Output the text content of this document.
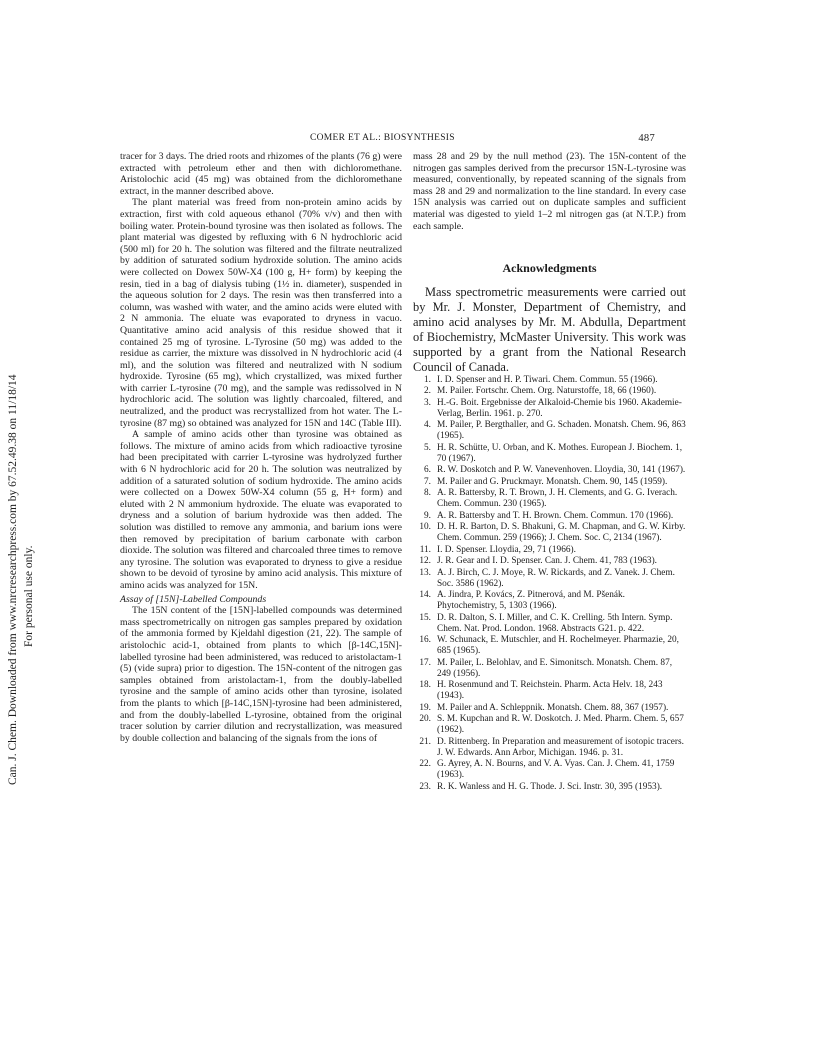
Can. J. Chem. Downloaded from www.nrcresearchpress.com by 67.52.49.38 on 11/18/14 For personal use only.
COMER ET AL.: BIOSYNTHESIS	487

tracer for 3 days. The dried roots and rhizomes of the plants (76 g) were extracted with petroleum ether and then with dichloromethane. Aristolochic acid (45 mg) was obtained from the dichloromethane extract, in the manner described above.

The plant material was freed from non-protein amino acids by extraction, first with cold aqueous ethanol (70% v/v) and then with boiling water. Protein-bound tyrosine was then isolated as follows. The plant material was digested by refluxing with 6 N hydrochloric acid (500 ml) for 20 h. The solution was filtered and the filtrate neutralized by addition of saturated sodium hydroxide solution. The amino acids were collected on Dowex 50W-X4 (100 g, H+ form) by keeping the resin, tied in a bag of dialysis tubing (1½ in. diameter), suspended in the aqueous solution for 2 days. The resin was then transferred into a column, was washed with water, and the amino acids were eluted with 2 N ammonia. The eluate was evaporated to dryness in vacuo. Quantitative amino acid analysis of this residue showed that it contained 25 mg of tyrosine. L-Tyrosine (50 mg) was added to the residue as carrier, the mixture was dissolved in N hydrochloric acid (4 ml), and the solution was filtered and neutralized with N sodium hydroxide. Tyrosine (65 mg), which crystallized, was mixed further with carrier L-tyrosine (70 mg), and the sample was redissolved in N hydrochloric acid. The solution was lightly charcoaled, filtered, and neutralized, and the product was recrystallized from hot water. The L-tyrosine (87 mg) so obtained was analyzed for 15N and 14C (Table III).

A sample of amino acids other than tyrosine was obtained as follows. The mixture of amino acids from which radioactive tyrosine had been precipitated with carrier L-tyrosine was hydrolyzed further with 6 N hydrochloric acid for 20 h. The solution was neutralized by addition of a saturated solution of sodium hydroxide. The amino acids were collected on a Dowex 50W-X4 column (55 g, H+ form) and eluted with 2 N ammonium hydroxide. The eluate was evaporated to dryness and a solution of barium hydroxide was then added. The solution was distilled to remove any ammonia, and barium ions were then removed by precipitation of barium carbonate with carbon dioxide. The solution was filtered and charcoaled three times to remove any tyrosine. The solution was evaporated to dryness to give a residue shown to be devoid of tyrosine by amino acid analysis. This mixture of amino acids was analyzed for 15N.

Assay of [15N]-Labelled Compounds

The 15N content of the [15N]-labelled compounds was determined mass spectrometrically on nitrogen gas samples prepared by oxidation of the ammonia formed by Kjeldahl digestion (21, 22). The sample of aristolochic acid-1, obtained from plants to which [β-14C,15N]-labelled tyrosine had been administered, was reduced to aristolactam-1 (5) (vide supra) prior to digestion. The 15N-content of the nitrogen gas samples obtained from aristolactam-1, from the doubly-labelled tyrosine and the sample of amino acids other than tyrosine, isolated from the plants to which [β-14C,15N]-tyrosine had been administered, and from the doubly-labelled L-tyrosine, obtained from the original tracer solution by carrier dilution and recrystallization, was measured by double collection and balancing of the signals from the ions of

mass 28 and 29 by the null method (23). The 15N-content of the nitrogen gas samples derived from the precursor 15N-L-tyrosine was measured, conventionally, by repeated scanning of the signals from mass 28 and 29 and normalization to the line standard. In every case 15N analysis was carried out on duplicate samples and sufficient material was digested to yield 1–2 ml nitrogen gas (at N.T.P.) from each sample.

Acknowledgments

Mass spectrometric measurements were carried out by Mr. J. Monster, Department of Chemistry, and amino acid analyses by Mr. M. Abdulla, Department of Biochemistry, McMaster University. This work was supported by a grant from the National Research Council of Canada.

1. I. D. Spenser and H. P. Tiwari. Chem. Commun. 55 (1966).
2. M. Pailer. Fortschr. Chem. Org. Naturstoffe, 18, 66 (1960).
3. H.-G. Boit. Ergebnisse der Alkaloid-Chemie bis 1960. Akademie-Verlag, Berlin. 1961. p. 270.
4. M. Pailer, P. Bergthaller, and G. Schaden. Monatsh. Chem. 96, 863 (1965).
5. H. R. Schütte, U. Orban, and K. Mothes. European J. Biochem. 1, 70 (1967).
6. R. W. Doskotch and P. W. Vanevenhoven. Lloydia, 30, 141 (1967).
7. M. Pailer and G. Pruckmayr. Monatsh. Chem. 90, 145 (1959).
8. A. R. Battersby, R. T. Brown, J. H. Clements, and G. G. Iverach. Chem. Commun. 230 (1965).
9. A. R. Battersby and T. H. Brown. Chem. Commun. 170 (1966).
10. D. H. R. Barton, D. S. Bhakuni, G. M. Chapman, and G. W. Kirby. Chem. Commun. 259 (1966); J. Chem. Soc. C, 2134 (1967).
11. I. D. Spenser. Lloydia, 29, 71 (1966).
12. J. R. Gear and I. D. Spenser. Can. J. Chem. 41, 783 (1963).
13. A. J. Birch, C. J. Moye, R. W. Rickards, and Z. Vanek. J. Chem. Soc. 3586 (1962).
14. A. Jindra, P. Kovács, Z. Pitnerová, and M. Pšenák. Phytochemistry, 5, 1303 (1966).
15. D. R. Dalton, S. I. Miller, and C. K. Crelling. 5th Intern. Symp. Chem. Nat. Prod. London. 1968. Abstracts G21. p. 422.
16. W. Schunack, E. Mutschler, and H. Rochelmeyer. Pharmazie, 20, 685 (1965).
17. M. Pailer, L. Belohlav, and E. Simonitsch. Monatsh. Chem. 87, 249 (1956).
18. H. Rosenmund and T. Reichstein. Pharm. Acta Helv. 18, 243 (1943).
19. M. Pailer and A. Schleppnik. Monatsh. Chem. 88, 367 (1957).
20. S. M. Kupchan and R. W. Doskotch. J. Med. Pharm. Chem. 5, 657 (1962).
21. D. Rittenberg. In Preparation and measurement of isotopic tracers. J. W. Edwards. Ann Arbor, Michigan. 1946. p. 31.
22. G. Ayrey, A. N. Bourns, and V. A. Vyas. Can. J. Chem. 41, 1759 (1963).
23. R. K. Wanless and H. G. Thode. J. Sci. Instr. 30, 395 (1953).
